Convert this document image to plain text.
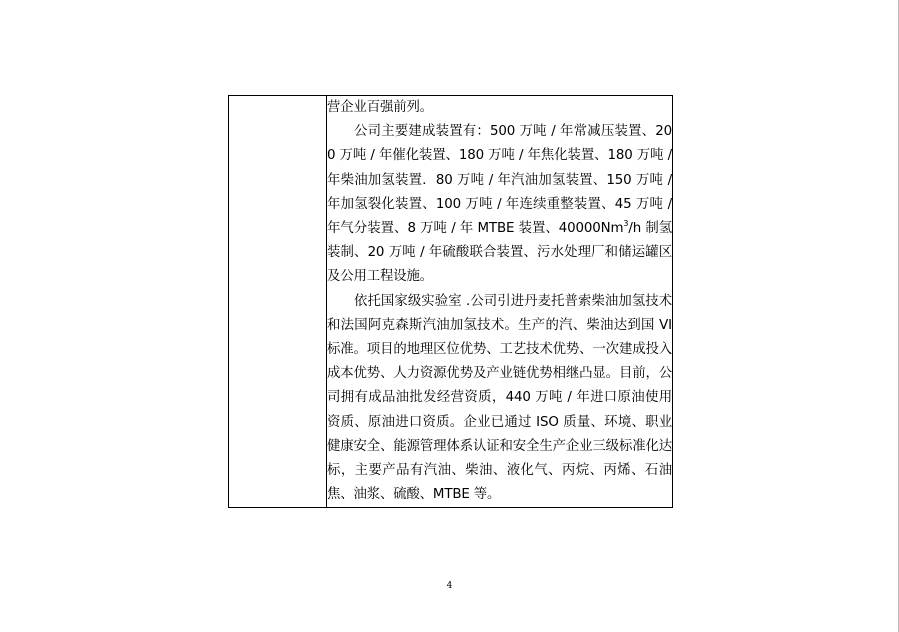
营企业百强前列。

公司主要建成装置有：500 万吨 / 年常减压装置、200 万吨 / 年催化装置、180 万吨 / 年焦化装置、180 万吨 / 年柴油加氢装置．80 万吨 / 年汽油加氢装置、150 万吨 / 年加氢裂化装置、100 万吨 / 年连续重整装置、45 万吨 / 年气分装置、8 万吨 / 年 MTBE 装置、40000Nm$^3$/h 制氢装制、20 万吨 / 年硫酸联合装置、污水处理厂和储运罐区及公用工程设施。

依托国家级实验室 .公司引进丹麦托普索柴油加氢技术和法国阿克森斯汽油加氢技术。生产的汽、柴油达到国 VI 标准。项目的地理区位优势、工艺技术优势、一次建成投入成本优势、人力资源优势及产业链优势相继凸显。目前，公司拥有成品油批发经营资质，440 万吨 / 年进口原油使用资质、原油进口资质。企业已通过 ISO 质量、环境、职业健康安全、能源管理体系认证和安全生产企业三级标准化达标，主要产品有汽油、柴油、液化气、丙烷、丙烯、石油焦、油浆、硫酸、MTBE 等。

4
